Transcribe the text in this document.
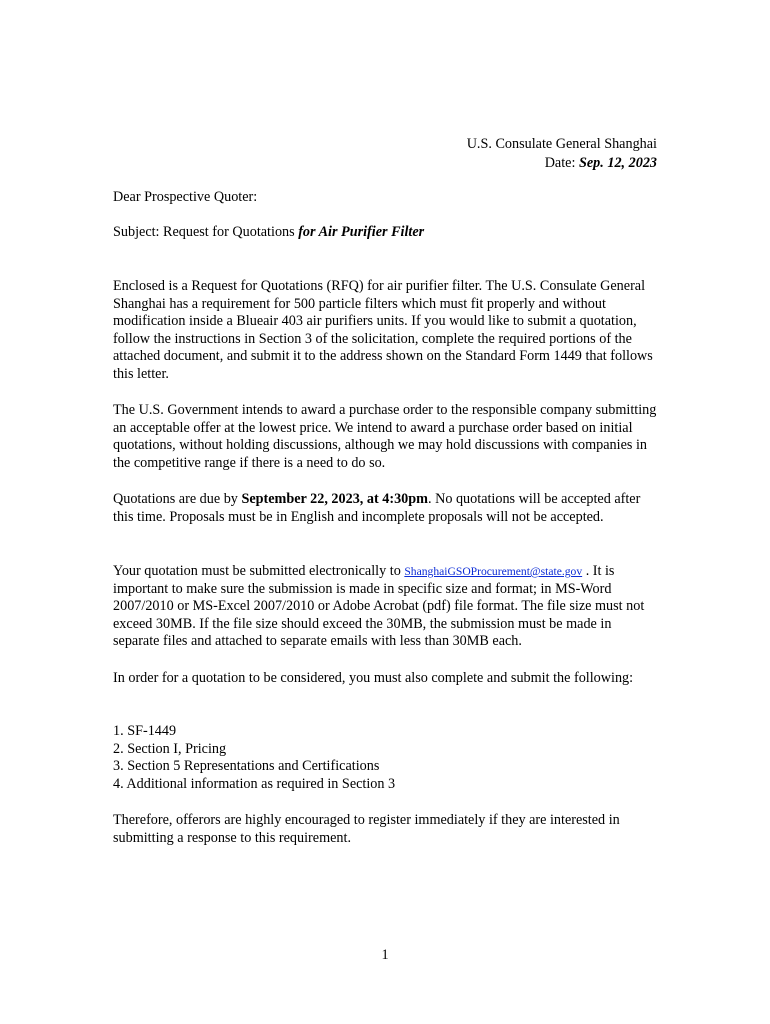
U.S. Consulate General Shanghai
Date: Sep. 12, 2023
Dear Prospective Quoter:
Subject: Request for Quotations for Air Purifier Filter
Enclosed is a Request for Quotations (RFQ) for air purifier filter. The U.S. Consulate General Shanghai has a requirement for 500 particle filters which must fit properly and without modification inside a Blueair 403 air purifiers units. If you would like to submit a quotation, follow the instructions in Section 3 of the solicitation, complete the required portions of the attached document, and submit it to the address shown on the Standard Form 1449 that follows this letter.
The U.S. Government intends to award a purchase order to the responsible company submitting an acceptable offer at the lowest price. We intend to award a purchase order based on initial quotations, without holding discussions, although we may hold discussions with companies in the competitive range if there is a need to do so.
Quotations are due by September 22, 2023, at 4:30pm. No quotations will be accepted after this time. Proposals must be in English and incomplete proposals will not be accepted.
Your quotation must be submitted electronically to ShanghaiGSOProcurement@state.gov . It is important to make sure the submission is made in specific size and format; in MS-Word 2007/2010 or MS-Excel 2007/2010 or Adobe Acrobat (pdf) file format. The file size must not exceed 30MB. If the file size should exceed the 30MB, the submission must be made in separate files and attached to separate emails with less than 30MB each.
In order for a quotation to be considered, you must also complete and submit the following:
1. SF-1449
2. Section I, Pricing
3. Section 5 Representations and Certifications
4. Additional information as required in Section 3
Therefore, offerors are highly encouraged to register immediately if they are interested in submitting a response to this requirement.
1
